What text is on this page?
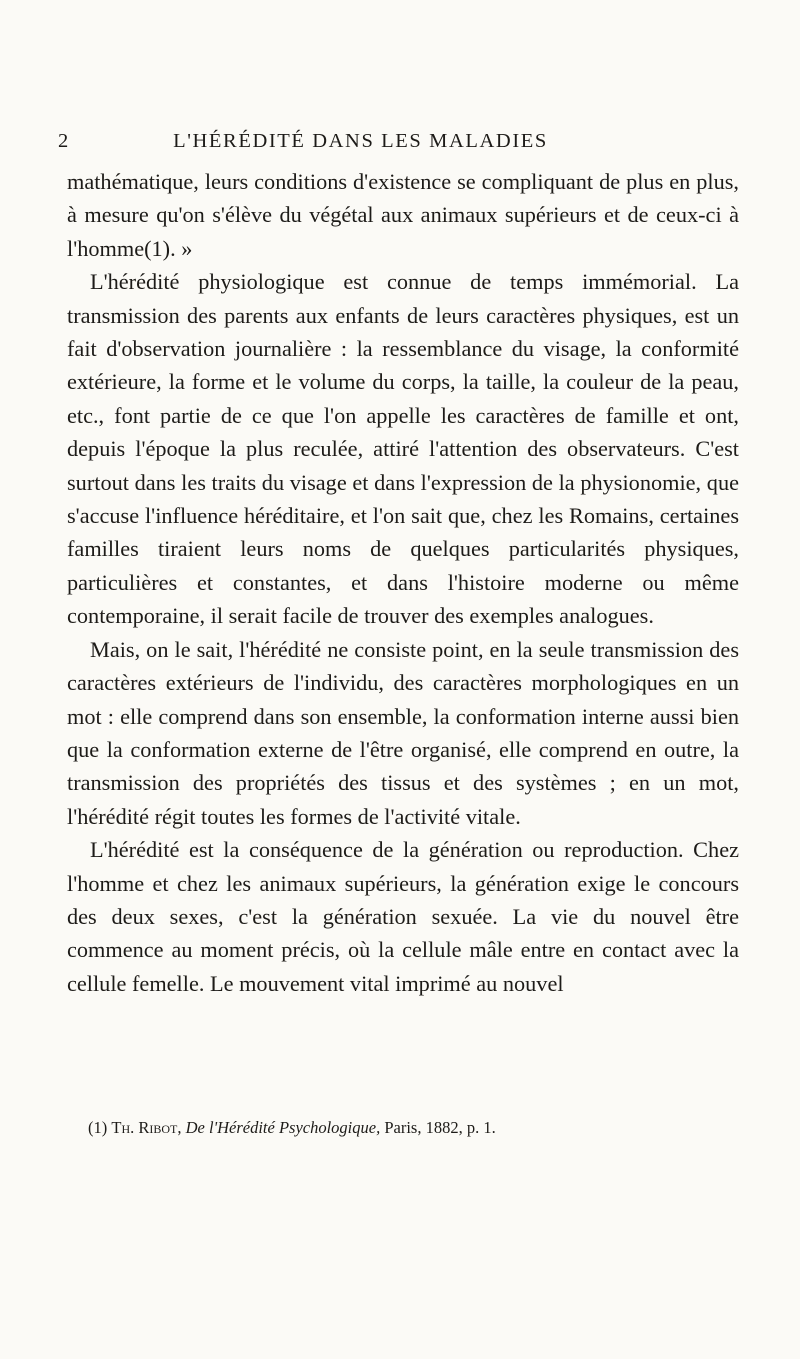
2	L'HÉRÉDITÉ DANS LES MALADIES

mathématique, leurs conditions d'existence se compliquant de plus en plus, à mesure qu'on s'élève du végétal aux animaux supérieurs et de ceux-ci à l'homme(1). »

L'hérédité physiologique est connue de temps immémorial. La transmission des parents aux enfants de leurs caractères physiques, est un fait d'observation journalière : la ressemblance du visage, la conformité extérieure, la forme et le volume du corps, la taille, la couleur de la peau, etc., font partie de ce que l'on appelle les caractères de famille et ont, depuis l'époque la plus reculée, attiré l'attention des observateurs. C'est surtout dans les traits du visage et dans l'expression de la physionomie, que s'accuse l'influence héréditaire, et l'on sait que, chez les Romains, certaines familles tiraient leurs noms de quelques particularités physiques, particulières et constantes, et dans l'histoire moderne ou même contemporaine, il serait facile de trouver des exemples analogues.

Mais, on le sait, l'hérédité ne consiste point, en la seule transmission des caractères extérieurs de l'individu, des caractères morphologiques en un mot : elle comprend dans son ensemble, la conformation interne aussi bien que la conformation externe de l'être organisé, elle comprend en outre, la transmission des propriétés des tissus et des systèmes ; en un mot, l'hérédité régit toutes les formes de l'activité vitale.

L'hérédité est la conséquence de la génération ou reproduction. Chez l'homme et chez les animaux supérieurs, la génération exige le concours des deux sexes, c'est la génération sexuée. La vie du nouvel être commence au moment précis, où la cellule mâle entre en contact avec la cellule femelle. Le mouvement vital imprimé au nouvel

(1) Th. Ribot, De l'Hérédité Psychologique, Paris, 1882, p. 1.
